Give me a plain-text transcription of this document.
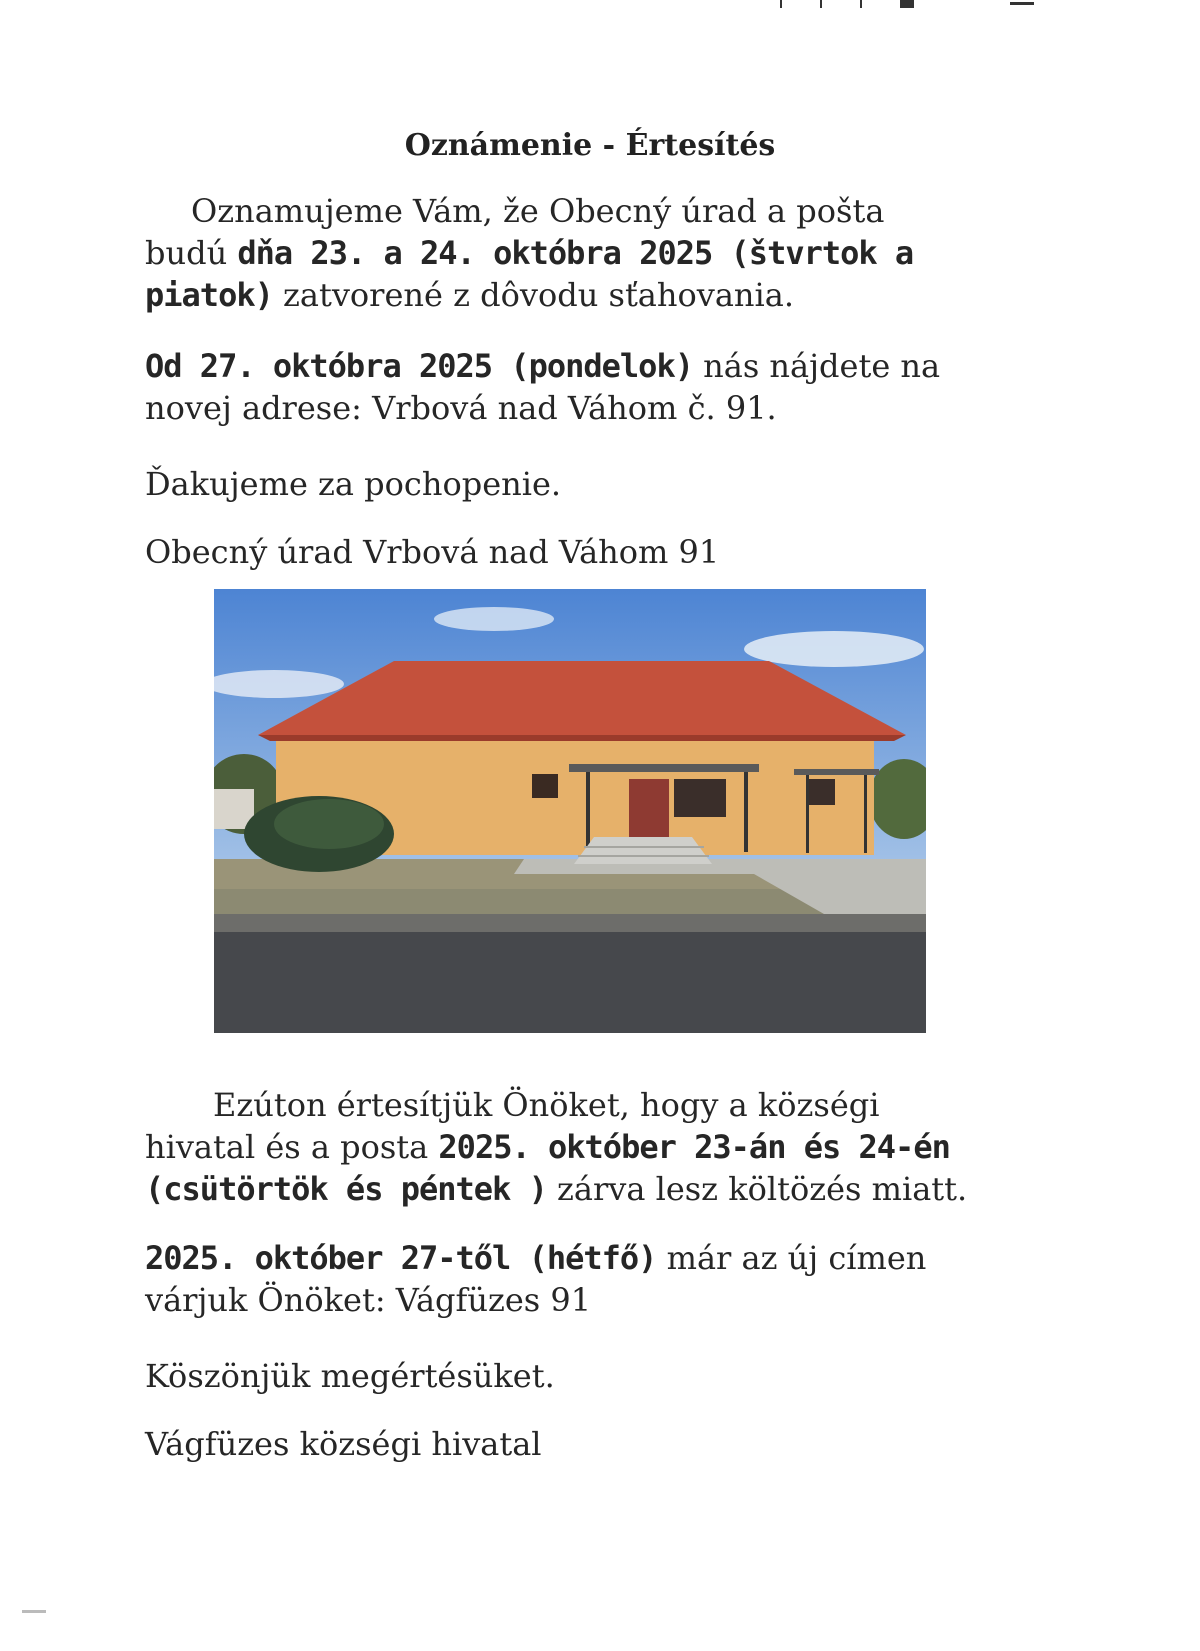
Oznámenie - Értesítés
Oznamujeme Vám, že Obecný úrad a pošta
budú dňa 23. a 24. októbra 2025 (štvrtok a
piatok) zatvorené z dôvodu sťahovania.
Od 27. októbra 2025 (pondelok) nás nájdete na
novej adrese: Vrbová nad Váhom č. 91.
Ďakujeme za pochopenie.
Obecný úrad Vrbová nad Váhom 91
Ezúton értesítjük Önöket, hogy a községi
hivatal és a posta 2025. október 23-án és 24-én
(csütörtök és péntek ) zárva lesz költözés miatt.
2025. október 27-től (hétfő) már az új címen
várjuk Önöket: Vágfüzes 91
Köszönjük megértésüket.
Vágfüzes községi hivatal
